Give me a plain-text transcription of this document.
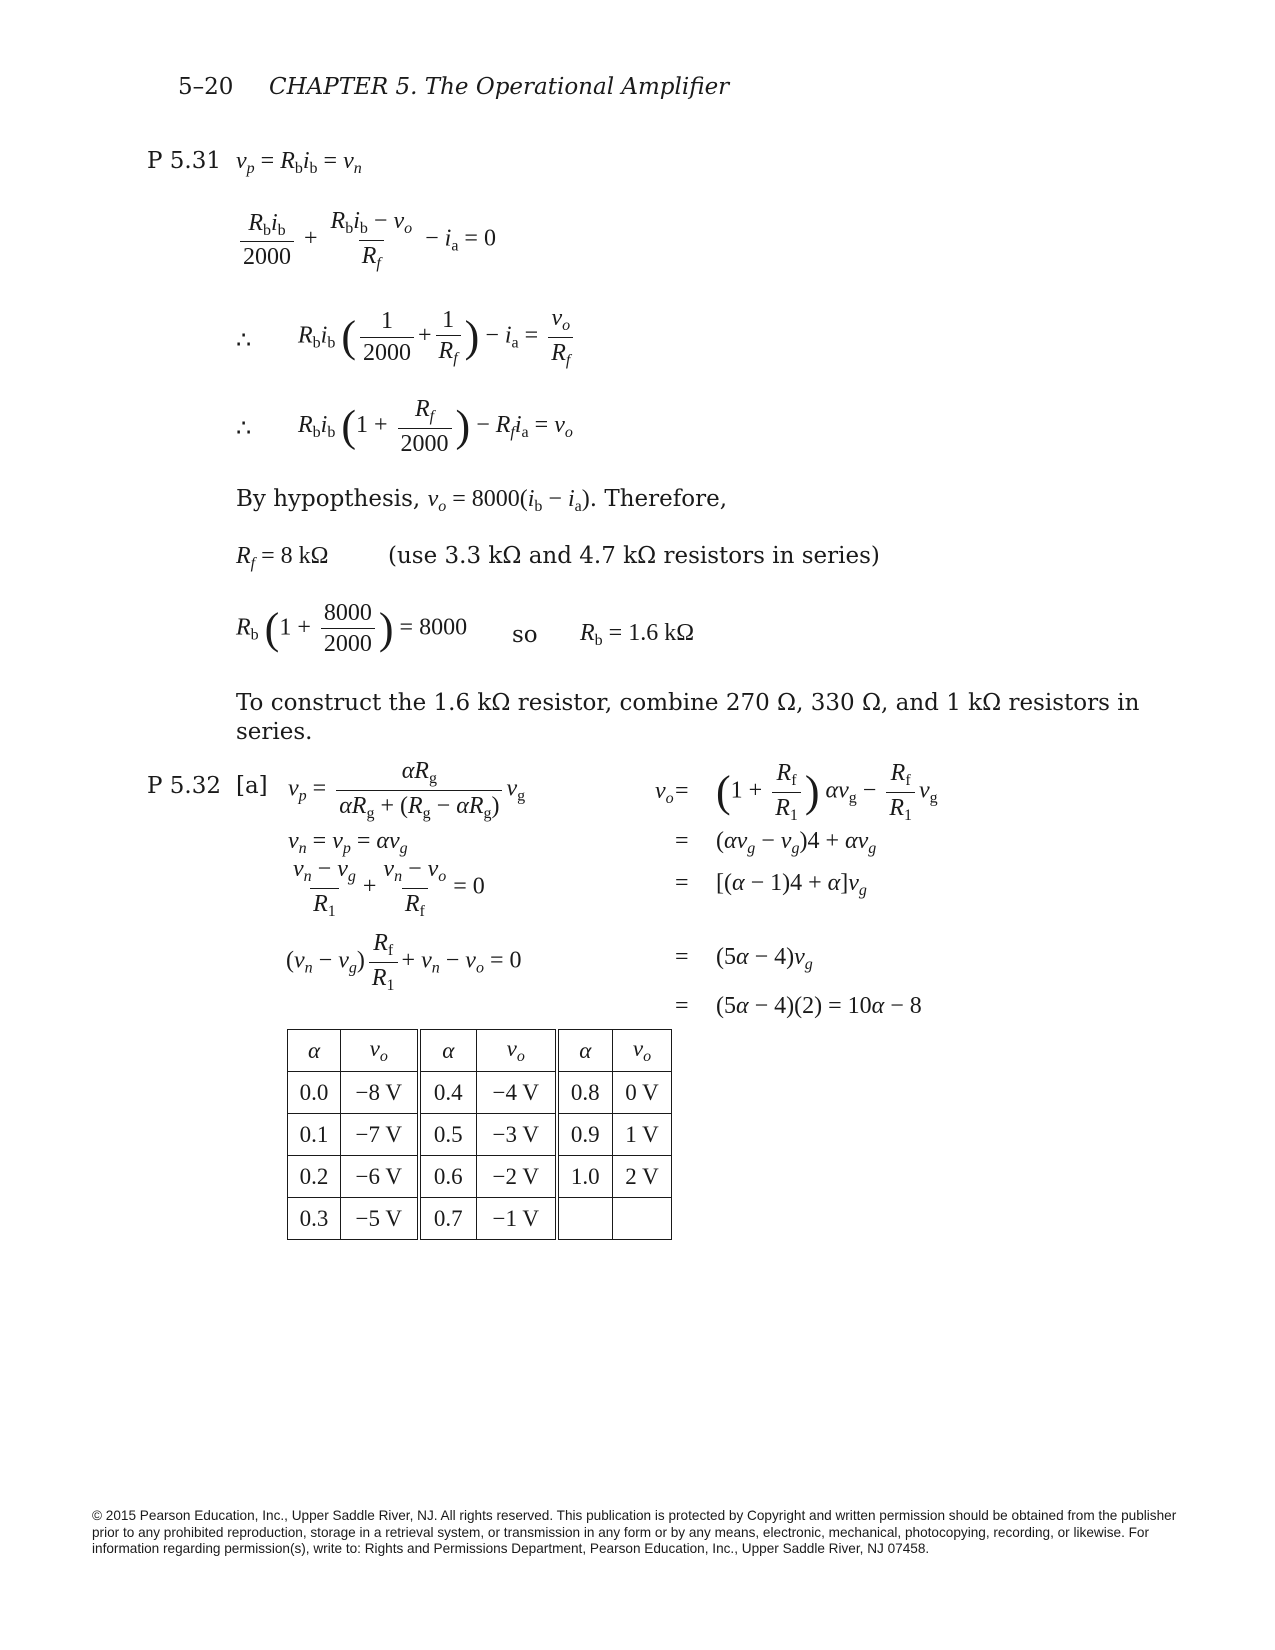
5–20 CHAPTER 5. The Operational Amplifier
P 5.31 $v_p = R_bi_b = v_n$
$\frac{R_bi_b}{2000} + \frac{R_bi_b - v_o}{R_f} - i_a = 0$
∴ $R_bi_b$ ( $\frac{1}{2000} + \frac{1}{R_f}$ ) − $i_a = \frac{v_o}{R_f}$
∴ $R_bi_b$ ($1 + \frac{R_f}{2000}$ ) − $R_fi_a = v_o$
By hypopthesis, $v_o = 8000(i_b - i_a)$. Therefore,
$R_f = 8$ kΩ	(use 3.3 kΩ and 4.7 kΩ resistors in series)
$R_b$ ($1 + \frac{8000}{2000}$ ) = 8000 so $R_b = 1.6$ kΩ
To construct the 1.6 kΩ resistor, combine 270 Ω, 330 Ω, and 1 kΩ resistors in
series.
P 5.32 [a] $v_p = \frac{\alpha R_g}{\alpha R_g + (R_g - \alpha R_g)} v_g$
$v_n = v_p = \alpha v_g$
$\frac{v_n - v_g}{R_1} + \frac{v_n - v_o}{R_f} = 0$
$(v_n - v_g) \frac{R_f}{R_1} + v_n - v_o = 0$
$v_o = (1 + \frac{R_f}{R_1}$ ) $\alpha v_g - \frac{R_f}{R_1} v_g$
= $(\alpha v_g - v_g)4 + \alpha v_g$
= $[(\alpha - 1)4 + \alpha]v_g$
= $(5\alpha - 4)v_g$
= (5α − 4)(2) = 10α − 8
α	$v_o$	α	$v_o$	α	$v_o$
0.0	−8 V	0.4	−4 V	0.8	0 V
0.1	−7 V	0.5	−3 V	0.9	1 V
0.2	−6 V	0.6	−2 V	1.0	2 V
0.3	−5 V	0.7	−1 V		
© 2015 Pearson Education, Inc., Upper Saddle River, NJ. All rights reserved. This publication is protected by Copyright and written permission should be obtained from the publisher prior to any prohibited reproduction, storage in a retrieval system, or transmission in any form or by any means, electronic, mechanical, photocopying, recording, or likewise. For information regarding permission(s), write to: Rights and Permissions Department, Pearson Education, Inc., Upper Saddle River, NJ 07458.
